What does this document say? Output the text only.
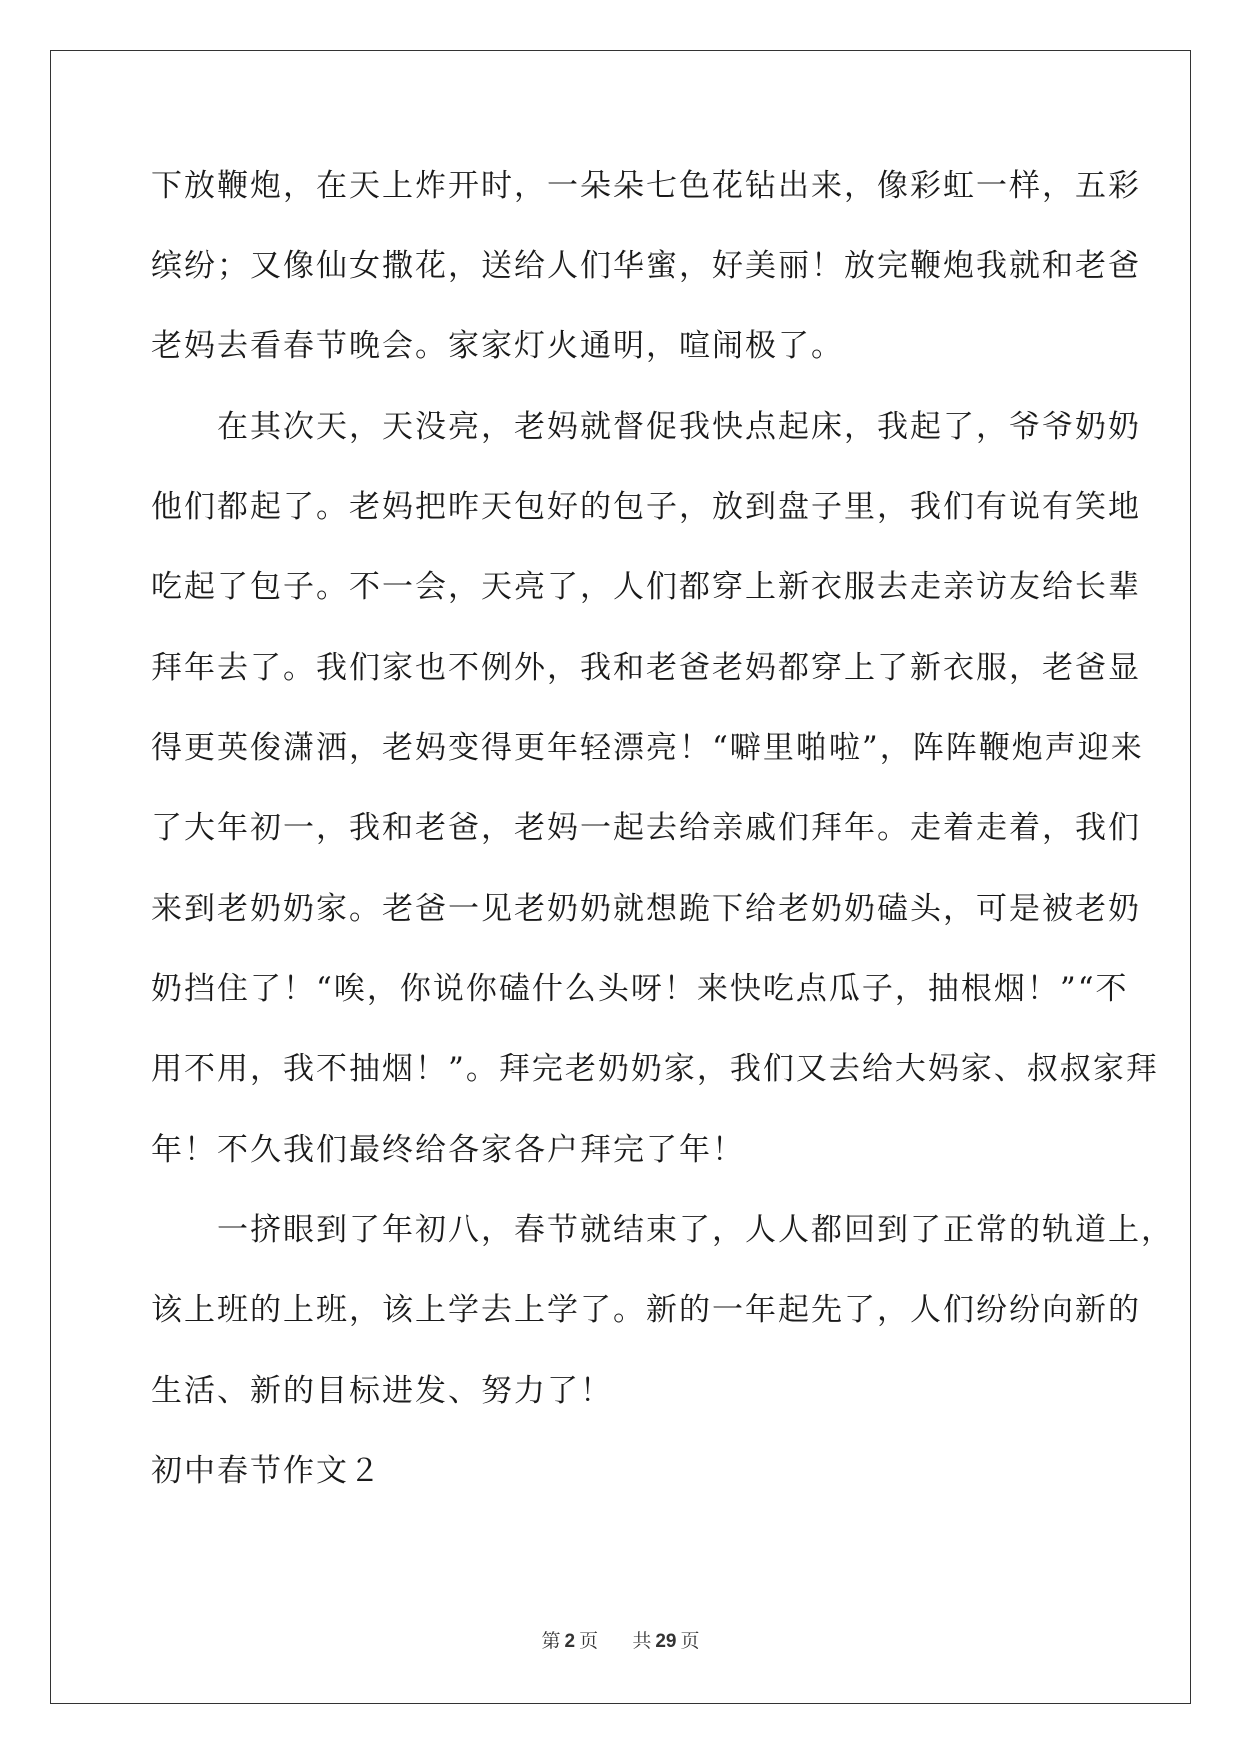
下放鞭炮，在天上炸开时，一朵朵七色花钻出来，像彩虹一样，五彩
缤纷；又像仙女撒花，送给人们华蜜，好美丽！放完鞭炮我就和老爸
老妈去看春节晚会。家家灯火通明，喧闹极了。
　　在其次天，天没亮，老妈就督促我快点起床，我起了，爷爷奶奶
他们都起了。老妈把昨天包好的包子，放到盘子里，我们有说有笑地
吃起了包子。不一会，天亮了，人们都穿上新衣服去走亲访友给长辈
拜年去了。我们家也不例外，我和老爸老妈都穿上了新衣服，老爸显
得更英俊潇洒，老妈变得更年轻漂亮！“噼里啪啦”，阵阵鞭炮声迎来
了大年初一，我和老爸，老妈一起去给亲戚们拜年。走着走着，我们
来到老奶奶家。老爸一见老奶奶就想跪下给老奶奶磕头，可是被老奶
奶挡住了！“唉，你说你磕什么头呀！来快吃点瓜子，抽根烟！”“不
用不用，我不抽烟！”。拜完老奶奶家，我们又去给大妈家、叔叔家拜
年！不久我们最终给各家各户拜完了年！
　　一挤眼到了年初八，春节就结束了，人人都回到了正常的轨道上，
该上班的上班，该上学去上学了。新的一年起先了，人们纷纷向新的
生活、新的目标进发、努力了！
初中春节作文２
第 2 页 共 29 页
